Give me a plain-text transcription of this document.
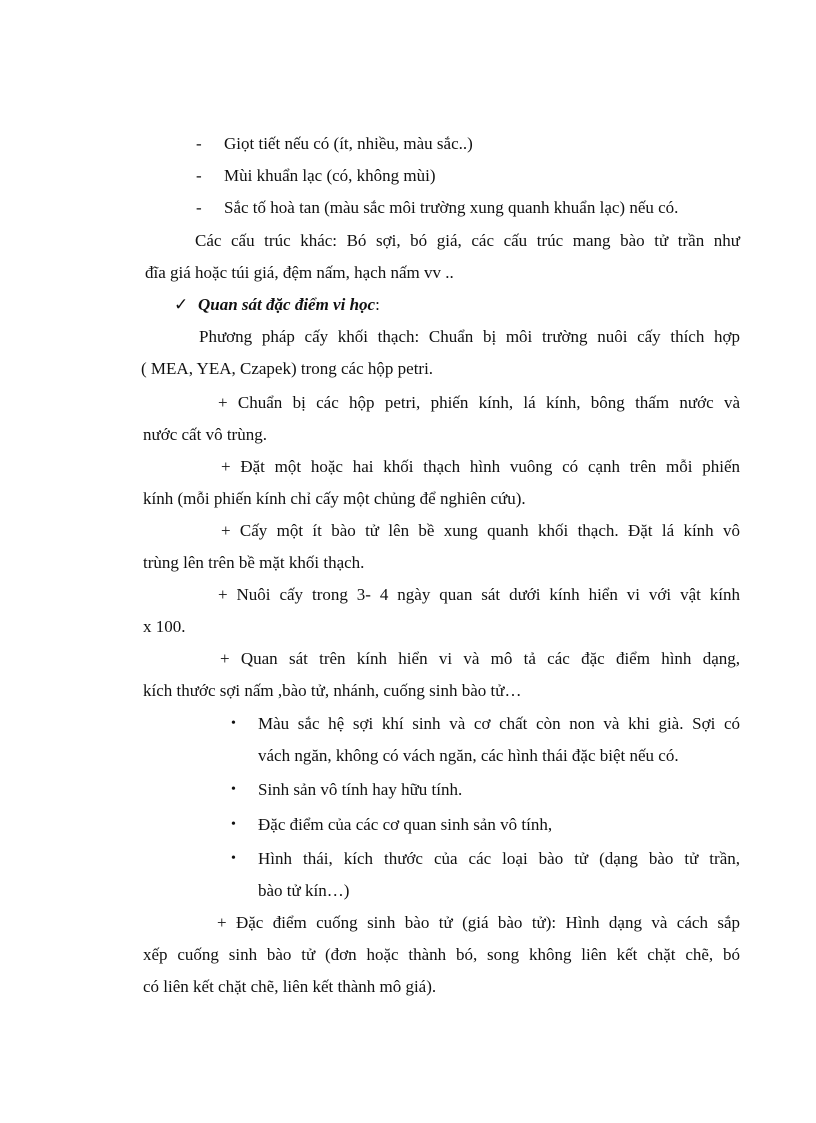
- Giọt tiết nếu có (ít, nhiều, màu sắc..)
- Mùi khuẩn lạc (có, không mùi)
- Sắc tố hoà tan (màu sắc môi trường xung quanh khuẩn lạc) nếu có.
Các cấu trúc khác: Bó sợi, bó giá, các cấu trúc mang bào tử trần như
đĩa giá hoặc túi giá, đệm nấm, hạch nấm vv ..
✓ Quan sát đặc điểm vi học:
Phương pháp cấy khối thạch: Chuẩn bị môi trường nuôi cấy thích hợp
( MEA, YEA, Czapek) trong các hộp petri.
+ Chuẩn bị các hộp petri, phiến kính, lá kính, bông thấm nước và
nước cất vô trùng.
+ Đặt một hoặc hai khối thạch hình vuông có cạnh trên mỗi phiến
kính (mỗi phiến kính chỉ cấy một chủng để nghiên cứu).
+ Cấy một ít bào tử lên bề xung quanh khối thạch. Đặt lá kính vô
trùng lên trên bề mặt khối thạch.
+ Nuôi cấy trong 3- 4 ngày quan sát dưới kính hiển vi với vật kính
x 100.
+ Quan sát trên kính hiển vi và mô tả các đặc điểm hình dạng,
kích thước sợi nấm ,bào tử, nhánh, cuống sinh bào tử…
• Màu sắc hệ sợi khí sinh và cơ chất còn non và khi già. Sợi có
vách ngăn, không có vách ngăn, các hình thái đặc biệt nếu có.
• Sinh sản vô tính hay hữu tính.
• Đặc điểm của các cơ quan sinh sản vô tính,
• Hình thái, kích thước của các loại bào tử (dạng bào tử trần,
bào tử kín…)
+ Đặc điểm cuống sinh bào tử (giá bào tử): Hình dạng và cách sắp
xếp cuống sinh bào tử (đơn hoặc thành bó, song không liên kết chặt chẽ, bó
có liên kết chặt chẽ, liên kết thành mô giá).
